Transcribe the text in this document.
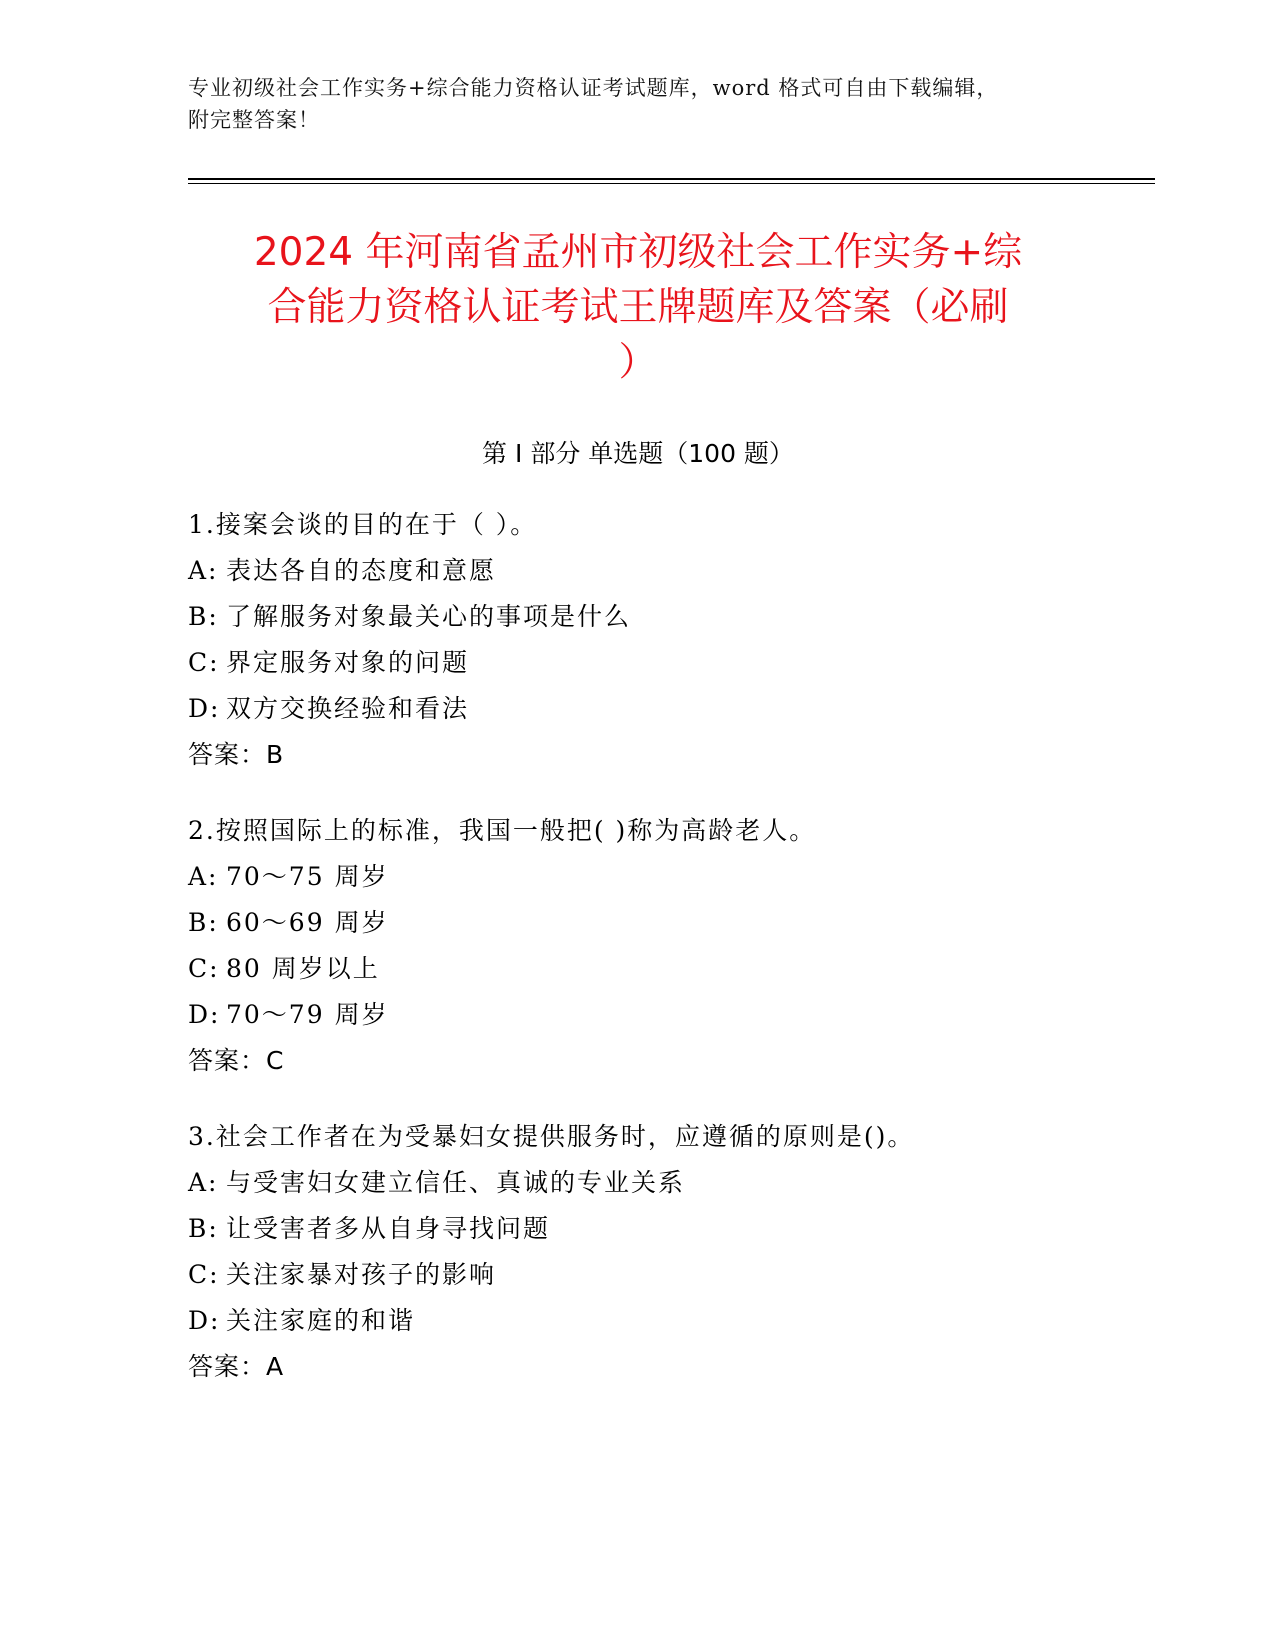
专业初级社会工作实务+综合能力资格认证考试题库，word 格式可自由下载编辑，
附完整答案！
2024 年河南省孟州市初级社会工作实务+综
合能力资格认证考试王牌题库及答案（必刷
）
第 I 部分 单选题（100 题）
1.接案会谈的目的在于（ ）。
A: 表达各自的态度和意愿
B: 了解服务对象最关心的事项是什么
C: 界定服务对象的问题
D: 双方交换经验和看法
答案：B
2.按照国际上的标准，我国一般把( )称为高龄老人。
A: 70～75 周岁
B: 60～69 周岁
C: 80 周岁以上
D: 70～79 周岁
答案：C
3.社会工作者在为受暴妇女提供服务时，应遵循的原则是()。
A: 与受害妇女建立信任、真诚的专业关系
B: 让受害者多从自身寻找问题
C: 关注家暴对孩子的影响
D: 关注家庭的和谐
答案：A
